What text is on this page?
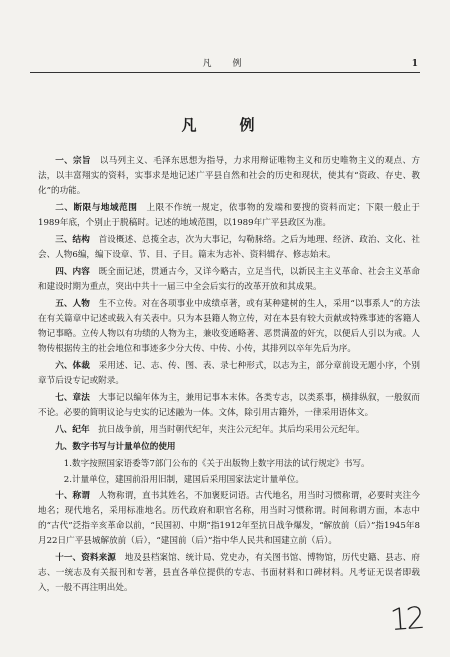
凡　例	1
凡　例

一、宗旨　 以马列主义、毛泽东思想为指导，力求用辩证唯物主义和历史唯物主义的观点、方法，以丰富翔实的资料，实事求是地记述广平县自然和社会的历史和现状，使其有“资政、存史、教化”的功能。

二、断限与地域范围　 上限不作统一规定，依事物的发端和要搜的资料而定；下限一般止于1989年底，个别止于脱稿时。记述的地域范围，以1989年广平县政区为准。

三、结构　 首设概述、总揽全志，次为大事记，勾勒脉络。之后为地理、经济、政治、文化、社会、人物6编，编下设章、节、目、子目。篇末为志补、资料辑存、修志始末。

四、内容　 既全面记述，贯通古今，又详今略古，立足当代，以新民主主义革命、社会主义革命和建设时期为重点，突出中共十一届三中全会后实行的改革开放和其成果。

五、人物　 生不立传。对在各项事业中成绩卓著，或有某种建树的生人，采用“以事系人”的方法在有关篇章中记述或载入有关表中。只为本县籍人物立传，对在本县有较大贡献或特殊事迹的客籍人物记事略。立传人物以有功绩的人物为主，兼收变通略著、恶贯满盈的奸宄，以便后人引以为戒。人物传根据传主的社会地位和事迹多少分大传、中传、小传，其排列以卒年先后为序。

六、体裁　 采用述、记、志、传、图、表、录七种形式，以志为主，部分章前设无题小序，个别章节后设专记或附录。

七、章法　 大事记以编年体为主，兼用记事本末体。各类专志，以类系事，横排纵叙，一般叙而不论。必要的简明议论与史实的记述融为一体。文体，除引用古籍外，一律采用语体文。

八、纪年　 抗日战争前，用当时朝代纪年，夹注公元纪年。其后均采用公元纪年。

九、数字书写与计量单位的使用

1.数字按照国家语委等7部门公布的《关于出版物上数字用法的试行规定》书写。

2.计量单位，建国前沿用旧制，建国后采用国家法定计量单位。

十、称谓　 人物称谓，直书其姓名，不加褒贬词语。古代地名，用当时习惯称谓，必要时夹注今地名；现代地名，采用标准地名。历代政府和职官名称，用当时习惯称谓。时间称谓方面，本志中的“古代”泛指辛亥革命以前，“民国初、中期”指1912年至抗日战争爆发，“解放前（后）”指1945年8月22日广平县城解放前（后），“建国前（后）”指中华人民共和国建立前（后）。

十一、资料来源　 地及县档案馆、统计局、党史办，有关图书馆、博物馆，历代史籍、县志、府志、一统志及有关报刊和专著，县直各单位提供的专志、书面材料和口碑材料。凡考证无误者即载入，一般不再注明出处。

12
